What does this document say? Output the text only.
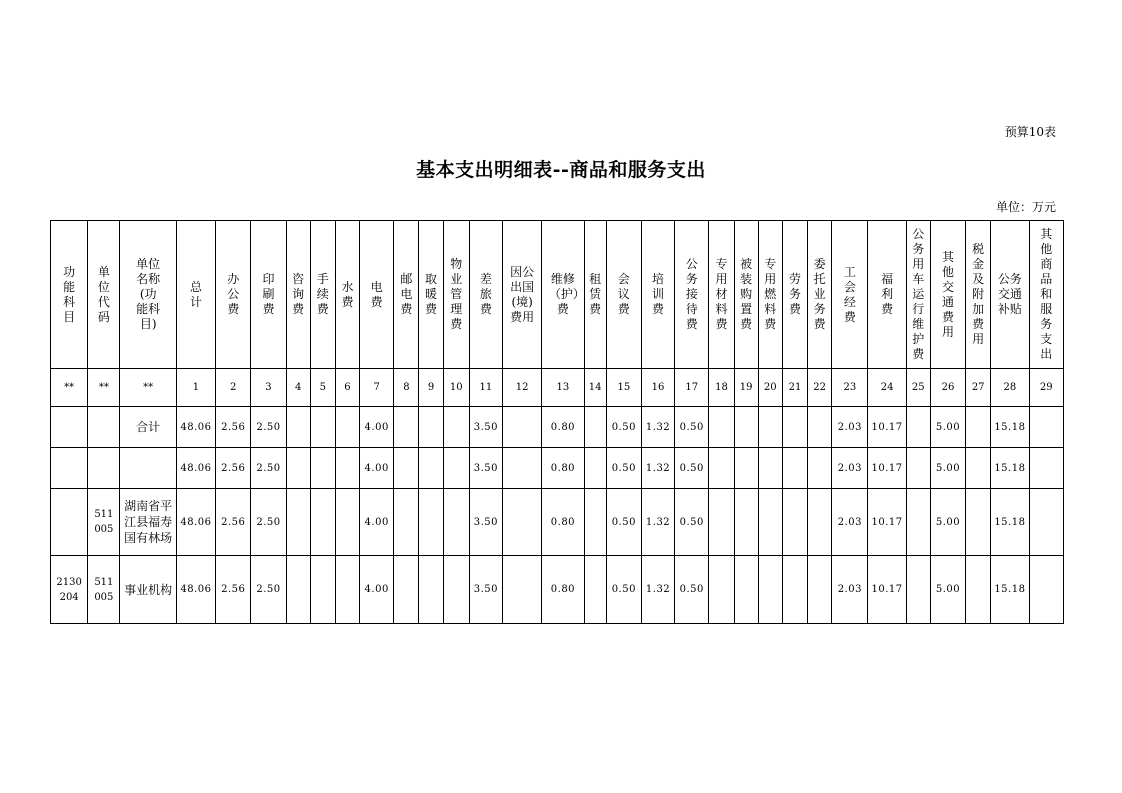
预算10表
基本支出明细表--商品和服务支出
单位：万元
功能科目	单位代码	单位名称(功能科目)	总计	办公费	印刷费	咨询费	手续费	水费	电费	邮电费	取暖费	物业管理费	差旅费	因公出国(境)费用	维修（护）费	租赁费	会议费	培训费	公务接待费	专用材料费	被装购置费	专用燃料费	劳务费	委托业务费	工会经费	福利费	公务用车运行维护费	其他交通费用	税金及附加费用	公务交通补贴	其他商品和服务支出
**	**	**	1	2	3	4	5	6	7	8	9	10	11	12	13	14	15	16	17	18	19	20	21	22	23	24	25	26	27	28	29
		合计	48.06	2.56	2.50				4.00				3.50		0.80		0.50	1.32	0.50						2.03	10.17		5.00		15.18	
			48.06	2.56	2.50				4.00				3.50		0.80		0.50	1.32	0.50						2.03	10.17		5.00		15.18	
	511005	湖南省平江县福寿国有林场	48.06	2.56	2.50				4.00				3.50		0.80		0.50	1.32	0.50						2.03	10.17		5.00		15.18	
2130204	511005	事业机构	48.06	2.56	2.50				4.00				3.50		0.80		0.50	1.32	0.50						2.03	10.17		5.00		15.18	
